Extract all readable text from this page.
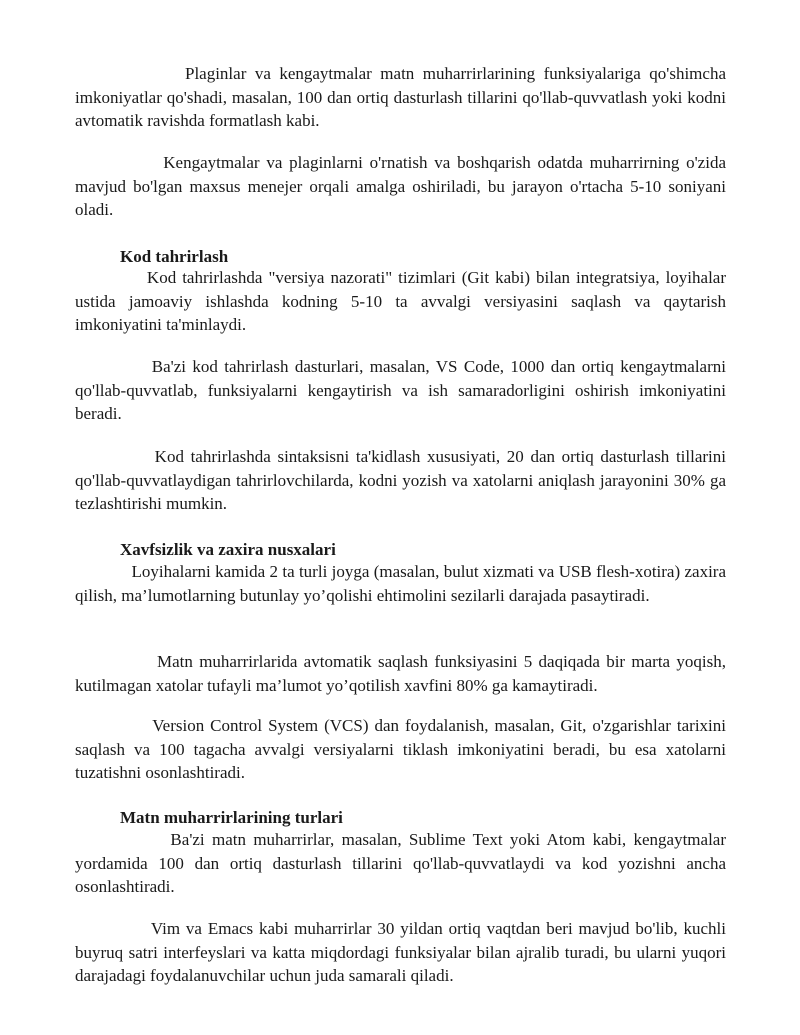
Plaginlar va kengaytmalar matn muharrirlarining funksiyalariga qo'shimcha imkoniyatlar qo'shadi, masalan, 100 dan ortiq dasturlash tillarini qo'llab-quvvatlash yoki kodni avtomatik ravishda formatlash kabi.

Kengaytmalar va plaginlarni o'rnatish va boshqarish odatda muharrirning o'zida mavjud bo'lgan maxsus menejer orqali amalga oshiriladi, bu jarayon o'rtacha 5-10 soniyani oladi.

Kod tahrirlash

Kod tahrirlashda "versiya nazorati" tizimlari (Git kabi) bilan integratsiya, loyihalar ustida jamoaviy ishlashda kodning 5-10 ta avvalgi versiyasini saqlash va qaytarish imkoniyatini ta'minlaydi.

Ba'zi kod tahrirlash dasturlari, masalan, VS Code, 1000 dan ortiq kengaytmalarni qo'llab-quvvatlab, funksiyalarni kengaytirish va ish samaradorligini oshirish imkoniyatini beradi.

Kod tahrirlashda sintaksisni ta'kidlash xususiyati, 20 dan ortiq dasturlash tillarini qo'llab-quvvatlaydigan tahrirlovchilarda, kodni yozish va xatolarni aniqlash jarayonini 30% ga tezlashtirishi mumkin.

Xavfsizlik va zaxira nusxalari

Loyihalarni kamida 2 ta turli joyga (masalan, bulut xizmati va USB flesh-xotira) zaxira qilish, ma’lumotlarning butunlay yo’qolishi ehtimolini sezilarli darajada pasaytiradi.

Matn muharrirlarida avtomatik saqlash funksiyasini 5 daqiqada bir marta yoqish, kutilmagan xatolar tufayli ma’lumot yo’qotilish xavfini 80% ga kamaytiradi.

Version Control System (VCS) dan foydalanish, masalan, Git, o'zgarishlar tarixini saqlash va 100 tagacha avvalgi versiyalarni tiklash imkoniyatini beradi, bu esa xatolarni tuzatishni osonlashtiradi.

Matn muharrirlarining turlari

Ba'zi matn muharrirlar, masalan, Sublime Text yoki Atom kabi, kengaytmalar yordamida 100 dan ortiq dasturlash tillarini qo'llab-quvvatlaydi va kod yozishni ancha osonlashtiradi.

Vim va Emacs kabi muharrirlar 30 yildan ortiq vaqtdan beri mavjud bo'lib, kuchli buyruq satri interfeyslari va katta miqdordagi funksiyalar bilan ajralib turadi, bu ularni yuqori darajadagi foydalanuvchilar uchun juda samarali qiladi.
